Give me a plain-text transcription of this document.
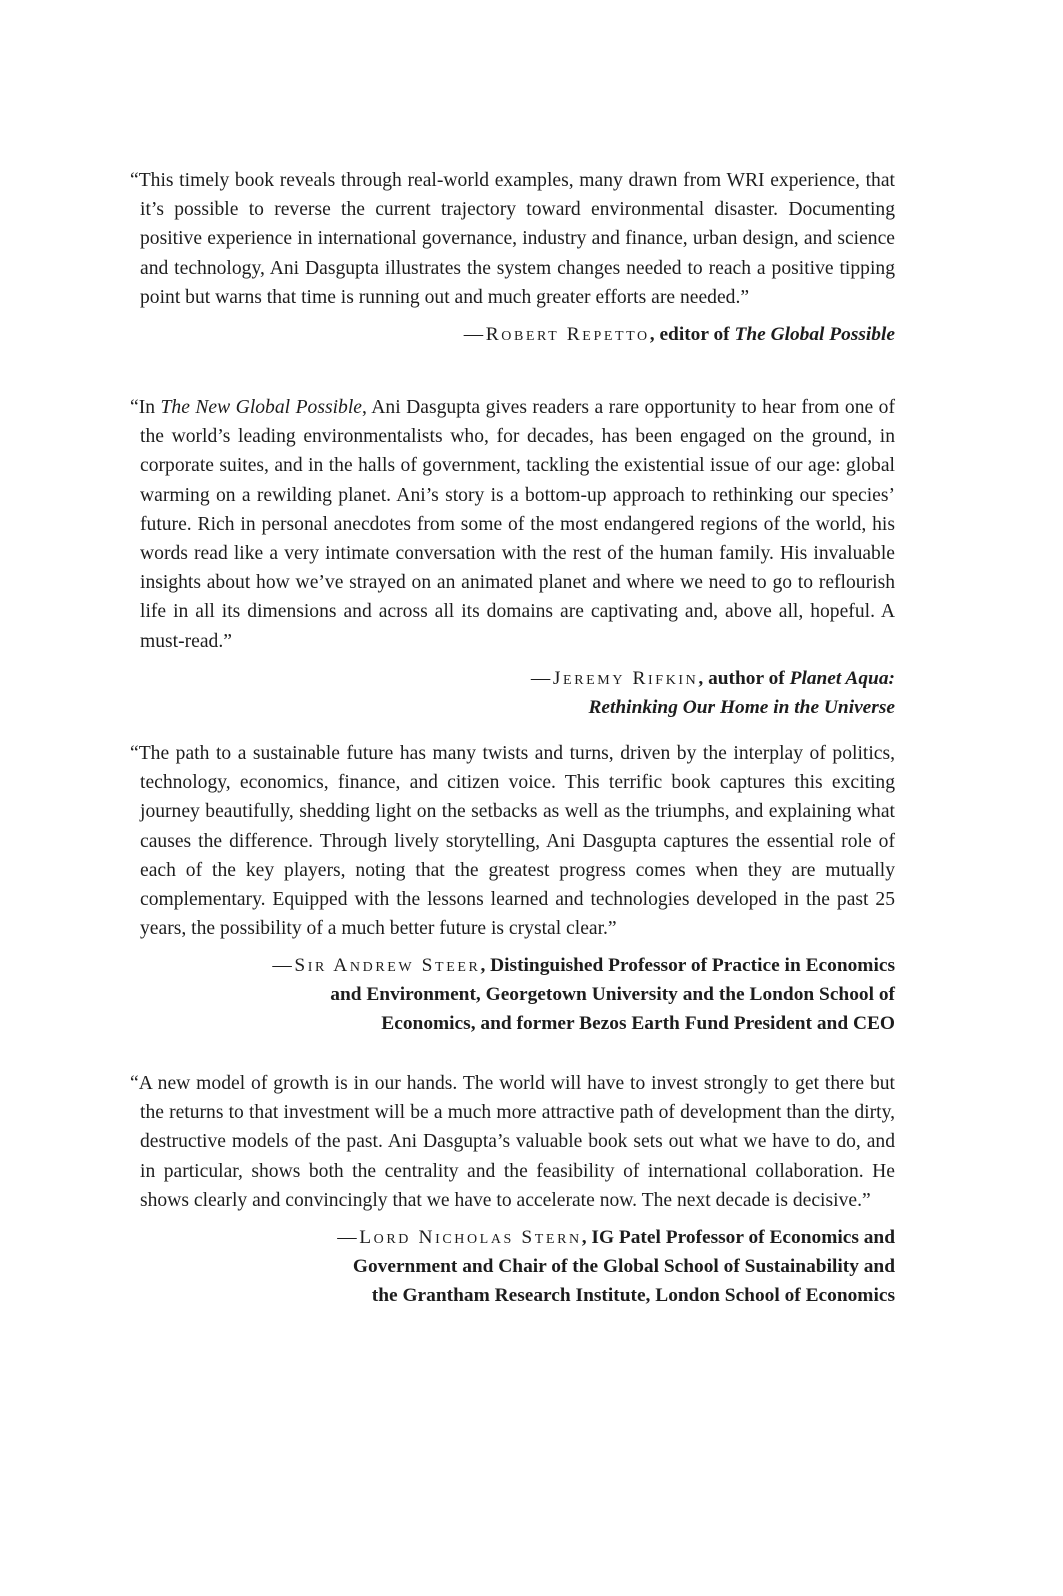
“This timely book reveals through real-world examples, many drawn from WRI experience, that it’s possible to reverse the current trajectory toward environmental disaster. Documenting positive experience in international governance, industry and finance, urban design, and science and technology, Ani Dasgupta illustrates the system changes needed to reach a positive tipping point but warns that time is running out and much greater efforts are needed.”

—Robert Repetto, editor of The Global Possible

“In The New Global Possible, Ani Dasgupta gives readers a rare opportunity to hear from one of the world’s leading environmentalists who, for decades, has been engaged on the ground, in corporate suites, and in the halls of government, tackling the existential issue of our age: global warming on a rewilding planet. Ani’s story is a bottom-up approach to rethinking our species’ future. Rich in personal anecdotes from some of the most endangered regions of the world, his words read like a very intimate conversation with the rest of the human family. His invaluable insights about how we’ve strayed on an animated planet and where we need to go to reflourish life in all its dimensions and across all its domains are captivating and, above all, hopeful. A must-read.”

—Jeremy Rifkin, author of Planet Aqua:
Rethinking Our Home in the Universe

“The path to a sustainable future has many twists and turns, driven by the interplay of politics, technology, economics, finance, and citizen voice. This terrific book captures this exciting journey beautifully, shedding light on the setbacks as well as the triumphs, and explaining what causes the difference. Through lively storytelling, Ani Dasgupta captures the essential role of each of the key players, noting that the greatest progress comes when they are mutually complementary. Equipped with the lessons learned and technologies developed in the past 25 years, the possibility of a much better future is crystal clear.”

—Sir Andrew Steer, Distinguished Professor of Practice in Economics
and Environment, Georgetown University and the London School of
Economics, and former Bezos Earth Fund President and CEO

“A new model of growth is in our hands. The world will have to invest strongly to get there but the returns to that investment will be a much more attractive path of development than the dirty, destructive models of the past. Ani Dasgupta’s valuable book sets out what we have to do, and in particular, shows both the centrality and the feasibility of international collaboration. He shows clearly and convincingly that we have to accelerate now. The next decade is decisive.”

—Lord Nicholas Stern, IG Patel Professor of Economics and
Government and Chair of the Global School of Sustainability and
the Grantham Research Institute, London School of Economics
